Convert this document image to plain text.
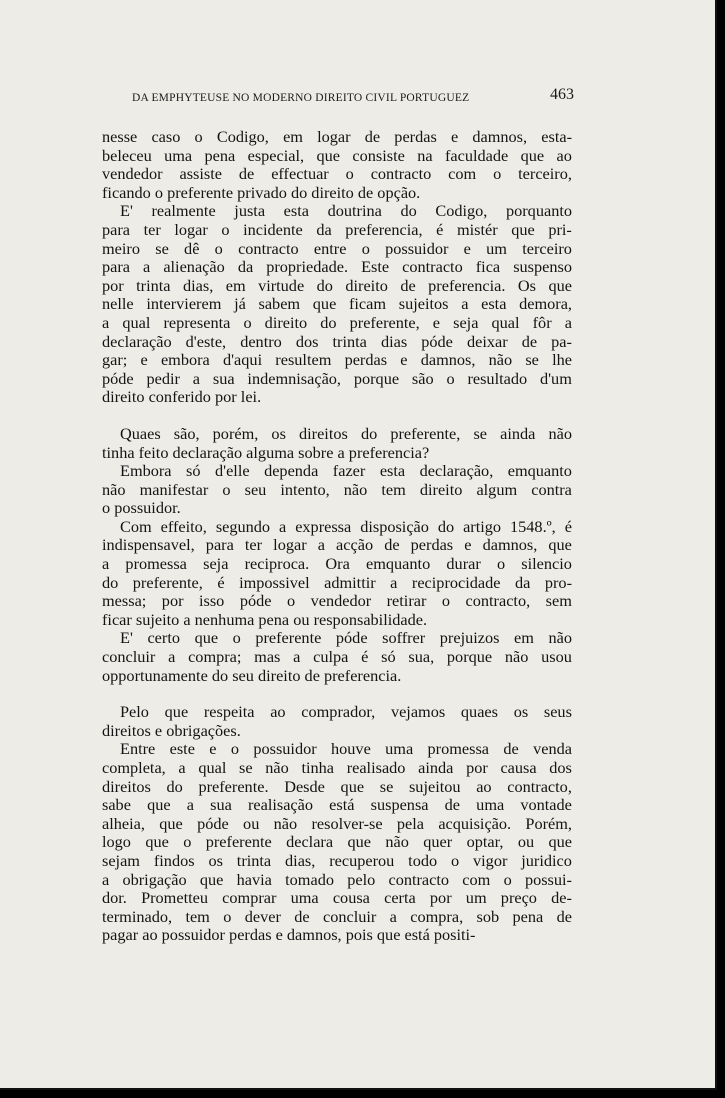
DA EMPHYTEUSE NO MODERNO DIREITO CIVIL PORTUGUEZ	463
nesse caso o Codigo, em logar de perdas e damnos, esta-
beleceu uma pena especial, que consiste na faculdade que ao
vendedor assiste de effectuar o contracto com o terceiro,
ficando o preferente privado do direito de opção.
E' realmente justa esta doutrina do Codigo, porquanto
para ter logar o incidente da preferencia, é mistér que pri-
meiro se dê o contracto entre o possuidor e um terceiro
para a alienação da propriedade. Este contracto fica suspenso
por trinta dias, em virtude do direito de preferencia. Os que
nelle intervierem já sabem que ficam sujeitos a esta demora,
a qual representa o direito do preferente, e seja qual fôr a
declaração d'este, dentro dos trinta dias póde deixar de pa-
gar; e embora d'aqui resultem perdas e damnos, não se lhe
póde pedir a sua indemnisação, porque são o resultado d'um
direito conferido por lei.
Quaes são, porém, os direitos do preferente, se ainda não
tinha feito declaração alguma sobre a preferencia?
Embora só d'elle dependa fazer esta declaração, emquanto
não manifestar o seu intento, não tem direito algum contra
o possuidor.
Com effeito, segundo a expressa disposição do artigo 1548.º, é
indispensavel, para ter logar a acção de perdas e damnos, que
a promessa seja reciproca. Ora emquanto durar o silencio
do preferente, é impossivel admittir a reciprocidade da pro-
messa; por isso póde o vendedor retirar o contracto, sem
ficar sujeito a nenhuma pena ou responsabilidade.
E' certo que o preferente póde soffrer prejuizos em não
concluir a compra; mas a culpa é só sua, porque não usou
opportunamente do seu direito de preferencia.
Pelo que respeita ao comprador, vejamos quaes os seus
direitos e obrigações.
Entre este e o possuidor houve uma promessa de venda
completa, a qual se não tinha realisado ainda por causa dos
direitos do preferente. Desde que se sujeitou ao contracto,
sabe que a sua realisação está suspensa de uma vontade
alheia, que póde ou não resolver-se pela acquisição. Porém,
logo que o preferente declara que não quer optar, ou que
sejam findos os trinta dias, recuperou todo o vigor juridico
a obrigação que havia tomado pelo contracto com o possui-
dor. Prometteu comprar uma cousa certa por um preço de-
terminado, tem o dever de concluir a compra, sob pena de
pagar ao possuidor perdas e damnos, pois que está positi-
